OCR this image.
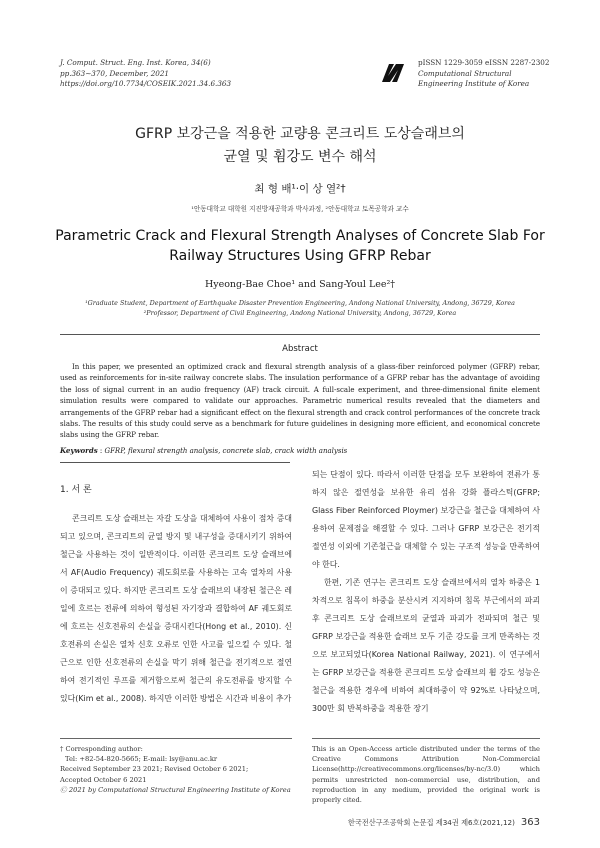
J. Comput. Struct. Eng. Inst. Korea, 34(6)
pp.363∼370, December, 2021
https://doi.org/10.7734/COSEIK.2021.34.6.363
pISSN 1229-3059 eISSN 2287-2302
Computational Structural
Engineering Institute of Korea
GFRP 보강근을 적용한 교량용 콘크리트 도상슬래브의
균열 및 휨강도 변수 해석
최 형 배¹·이 상 열²†
¹안동대학교 대학원 지진방재공학과 박사과정, ²안동대학교 토목공학과 교수
Parametric Crack and Flexural Strength Analyses of Concrete Slab For
Railway Structures Using GFRP Rebar
Hyeong-Bae Choe¹ and Sang-Youl Lee²†
¹Graduate Student, Department of Earthquake Disaster Prevention Engineering, Andong National University, Andong, 36729, Korea
²Professor, Department of Civil Engineering, Andong National University, Andong, 36729, Korea
Abstract
In this paper, we presented an optimized crack and flexural strength analysis of a glass-fiber reinforced polymer (GFRP) rebar, used as reinforcements for in-site railway concrete slabs. The insulation performance of a GFRP rebar has the advantage of avoiding the loss of signal current in an audio frequency (AF) track circuit. A full-scale experiment, and three-dimensional finite element simulation results were compared to validate our approaches. Parametric numerical results revealed that the diameters and arrangements of the GFRP rebar had a significant effect on the flexural strength and crack control performances of the concrete track slabs. The results of this study could serve as a benchmark for future guidelines in designing more efficient, and economical concrete slabs using the GFRP rebar.
Keywords : GFRP, flexural strength analysis, concrete slab, crack width analysis
1. 서 론

콘크리트 도상 슬래브는 자갈 도상을 대체하여 사용이 점차 증대되고 있으며, 콘크리트의 균열 방지 및 내구성을 증대시키기 위하여 철근을 사용하는 것이 일반적이다. 이러한 콘크리트 도상 슬래브에서 AF(Audio Frequency) 궤도회로를 사용하는 고속 열차의 사용이 증대되고 있다. 하지만 콘크리트 도상 슬래브의 내장된 철근은 레일에 흐르는 전류에 의하여 형성된 자기장과 결합하여 AF 궤도회로에 흐르는 신호전류의 손실을 증대시킨다(Hong et al., 2010). 신호전류의 손실은 열차 신호 오류로 인한 사고를 일으킬 수 있다. 철근으로 인한 신호전류의 손실을 막기 위해 철근을 전기적으로 절연하여 전기적인 루프를 제거함으로써 철근의 유도전류를 방지할 수 있다(Kim et al., 2008). 하지만 이러한 방법은 시간과 비용이 추가

되는 단점이 있다. 따라서 이러한 단점을 모두 보완하여 전류가 통하지 않은 절연성을 보유한 유리 섬유 강화 플라스틱(GFRP; Glass Fiber Reinforced Ploymer) 보강근을 철근을 대체하여 사용하여 문제점을 해결할 수 있다. 그러나 GFRP 보강근은 전기적 절연성 이외에 기존철근을 대체할 수 있는 구조적 성능을 만족하여야 한다.

한편, 기존 연구는 콘크리트 도상 슬래브에서의 열차 하중은 1차적으로 침목이 하중을 분산시켜 지지하며 침목 부근에서의 파괴 후 콘크리트 도상 슬래브로의 균열과 파괴가 전파되며 철근 및 GFRP 보강근을 적용한 슬래브 모두 기준 강도를 크게 만족하는 것으로 보고되었다(Korea National Railway, 2021). 이 연구에서는 GFRP 보강근을 적용한 콘크리트 도상 슬래브의 휨 강도 성능은 철근을 적용한 경우에 비하여 최대하중이 약 92%로 나타났으며, 300만 회 반복하중을 적용한 장기

† Corresponding author:
Tel: +82-54-820-5665; E-mail: lsy@anu.ac.kr
Received September 23 2021; Revised October 6 2021;
Accepted October 6 2021
Ⓒ 2021 by Computational Structural Engineering Institute of Korea
This is an Open-Access article distributed under the terms of the Creative Commons Attribution Non-Commercial License(http://creativecommons.org/licenses/by-nc/3.0) which permits unrestricted non-commercial use, distribution, and reproduction in any medium, provided the original work is properly cited.
한국전산구조공학회 논문집 제34권 제6호(2021,12) 363
